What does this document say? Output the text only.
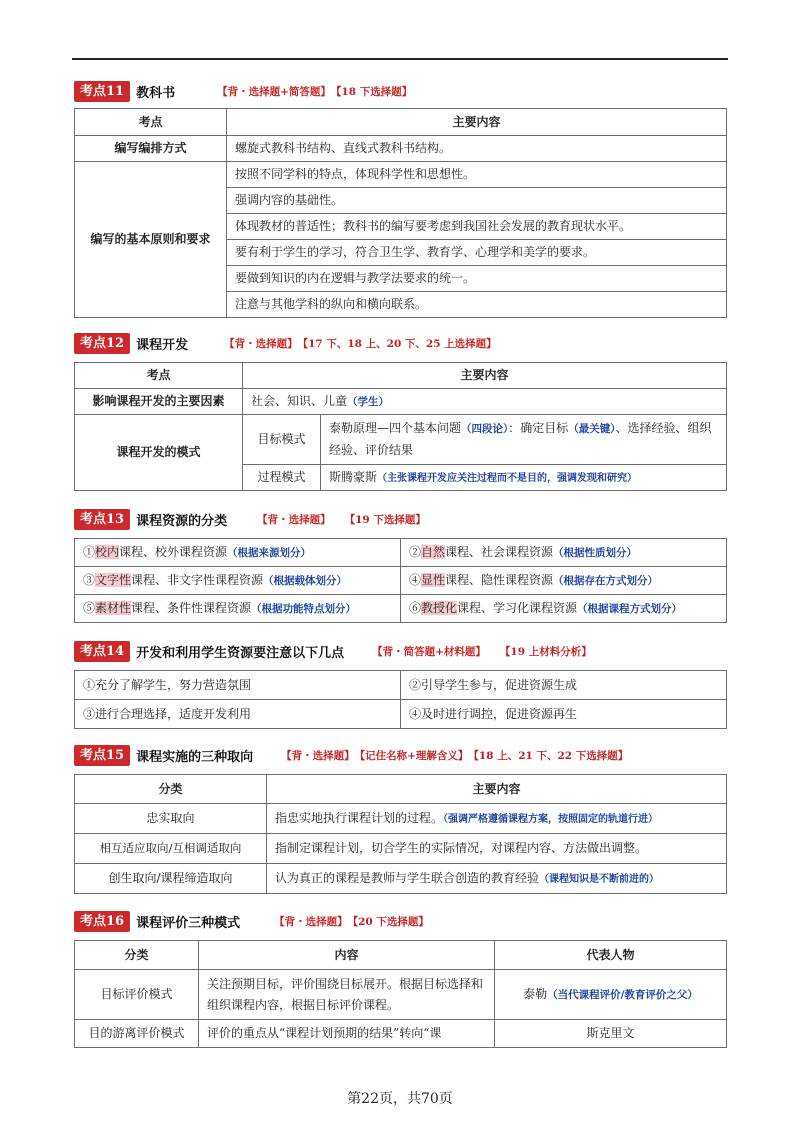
考点11 教科书	【背・选择题+简答题】 【18 下选择题】
考点	主要内容
编写编排方式	螺旋式教科书结构、直线式教科书结构。
编写的基本原则和要求	按照不同学科的特点，体现科学性和思想性。
	强调内容的基础性。
	体现教材的普适性；教科书的编写要考虑到我国社会发展的教育现状水平。
	要有利于学生的学习，符合卫生学、教育学、心理学和美学的要求。
	要做到知识的内在逻辑与教学法要求的统一。
	注意与其他学科的纵向和横向联系。
考点12 课程开发	【背・选择题】 【17 下、18 上、20 下、25 上选择题】
考点	主要内容	
影响课程开发的主要因素	社会、知识、儿童（学生）	
课程开发的模式	目标模式	泰勒原理—四个基本问题（四段论）：确定目标（最关键）、选择经验、组织经验、评价结果
	过程模式	斯腾豪斯（主张课程开发应关注过程而不是目的，强调发现和研究）
考点13 课程资源的分类	【背・选择题】 【19 下选择题】
①校内课程、校外课程资源（根据来源划分）	②自然课程、社会课程资源（根据性质划分）
③文字性课程、非文字性课程资源（根据载体划分）	④显性课程、隐性课程资源（根据存在方式划分）
⑤素材性课程、条件性课程资源（根据功能特点划分）	⑥教授化课程、学习化课程资源（根据课程方式划分）
考点14 开发和利用学生资源要注意以下几点	【背・简答题+材料题】 【19 上材料分析】
①充分了解学生，努力营造氛围	②引导学生参与，促进资源生成
③进行合理选择，适度开发利用	④及时进行调控，促进资源再生
考点15 课程实施的三种取向	【背・选择题】 【记住名称+理解含义】 【18 上、21 下、22 下选择题】
分类	主要内容
忠实取向	指忠实地执行课程计划的过程。（强调严格遵循课程方案，按照固定的轨道行进）
相互适应取向/互相调适取向	指制定课程计划，切合学生的实际情况，对课程内容、方法做出调整。
创生取向/课程缔造取向	认为真正的课程是教师与学生联合创造的教育经验（课程知识是不断前进的）
考点16 课程评价三种模式	【背・选择题】 【20 下选择题】
分类	内容	代表人物
目标评价模式	关注预期目标，评价围绕目标展开。根据目标选择和组织课程内容，根据目标评价课程。	泰勒（当代课程评价/教育评价之父）
目的游离评价模式	评价的重点从“课程计划预期的结果”转向“课	斯克里文
第22页，共70页
